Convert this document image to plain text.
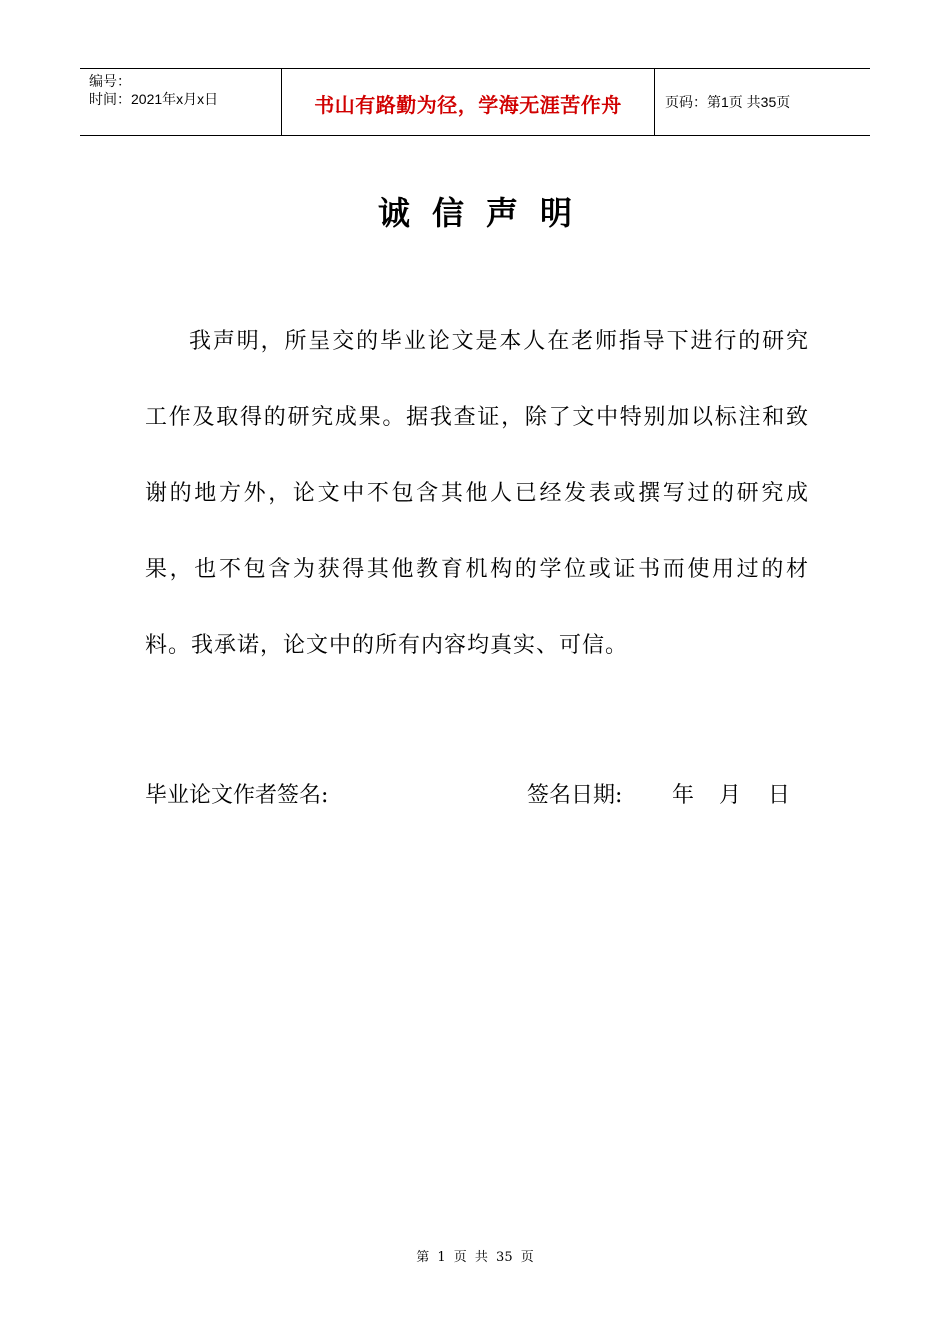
编号：
时间：2021年x月x日	书山有路勤为径，学海无涯苦作舟	页码：第1页 共35页
诚信声明
我声明，所呈交的毕业论文是本人在老师指导下进行的研究工作及取得的研究成果。据我查证，除了文中特别加以标注和致谢的地方外，论文中不包含其他人已经发表或撰写过的研究成果，也不包含为获得其他教育机构的学位或证书而使用过的材料。我承诺，论文中的所有内容均真实、可信。
毕业论文作者签名:	签名日期: 年 月 日
第 1 页 共 35 页
